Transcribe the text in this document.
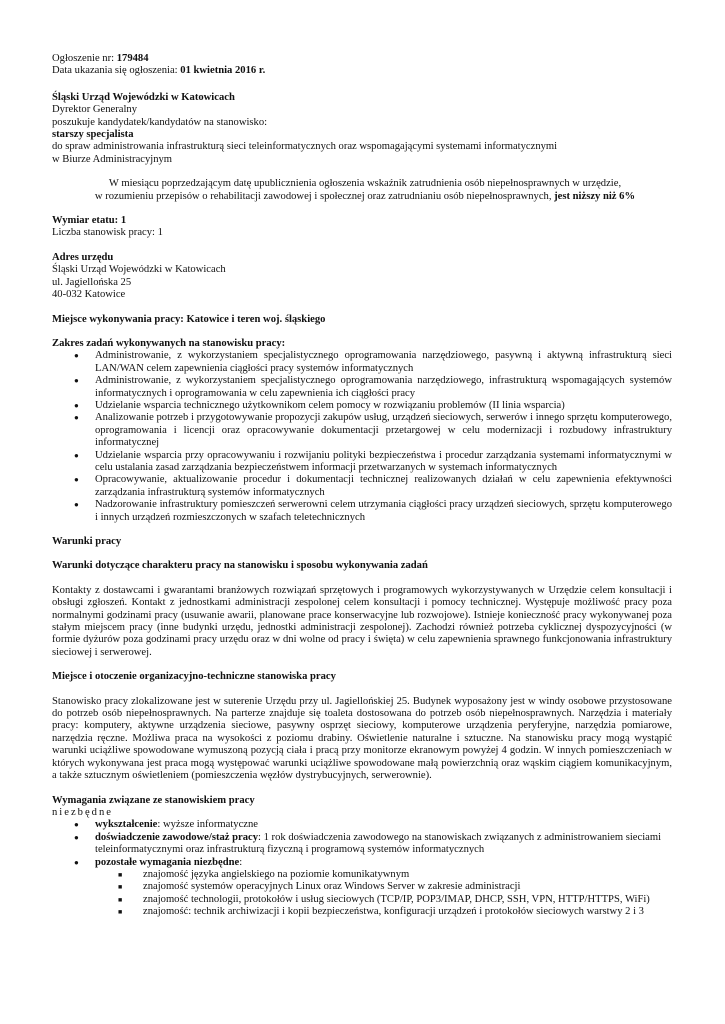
Ogłoszenie nr: 179484

Data ukazania się ogłoszenia: 01 kwietnia 2016 r.

Śląski Urząd Wojewódzki w Katowicach

Dyrektor Generalny

poszukuje kandydatek/kandydatów na stanowisko:

starszy specjalista

do spraw administrowania infrastrukturą sieci teleinformatycznych oraz wspomagającymi systemami informatycznymi

w Biurze Administracyjnym

W miesiącu poprzedzającym datę upublicznienia ogłoszenia wskaźnik zatrudnienia osób niepełnosprawnych w urzędzie,

w rozumieniu przepisów o rehabilitacji zawodowej i społecznej oraz zatrudnianiu osób niepełnosprawnych, jest niższy niż 6%

Wymiar etatu: 1

Liczba stanowisk pracy: 1

Adres urzędu

Śląski Urząd Wojewódzki w Katowicach

ul. Jagiellońska 25

40-032 Katowice

Miejsce wykonywania pracy: Katowice i teren woj. śląskiego

Zakres zadań wykonywanych na stanowisku pracy:

● Administrowanie, z wykorzystaniem specjalistycznego oprogramowania narzędziowego, pasywną i aktywną infrastrukturą sieci LAN/WAN celem zapewnienia ciągłości pracy systemów informatycznych
● Administrowanie, z wykorzystaniem specjalistycznego oprogramowania narzędziowego, infrastrukturą wspomagających systemów informatycznych i oprogramowania w celu zapewnienia ich ciągłości pracy
● Udzielanie wsparcia technicznego użytkownikom celem pomocy w rozwiązaniu problemów (II linia wsparcia)
● Analizowanie potrzeb i przygotowywanie propozycji zakupów usług, urządzeń sieciowych, serwerów i innego sprzętu komputerowego, oprogramowania i licencji oraz opracowywanie dokumentacji przetargowej w celu modernizacji i rozbudowy infrastruktury informatycznej
● Udzielanie wsparcia przy opracowywaniu i rozwijaniu polityki bezpieczeństwa i procedur zarządzania systemami informatycznymi w celu ustalania zasad zarządzania bezpieczeństwem informacji przetwarzanych w systemach informatycznych
● Opracowywanie, aktualizowanie procedur i dokumentacji technicznej realizowanych działań w celu zapewnienia efektywności zarządzania infrastrukturą systemów informatycznych
● Nadzorowanie infrastruktury pomieszczeń serwerowni celem utrzymania ciągłości pracy urządzeń sieciowych, sprzętu komputerowego i innych urządzeń rozmieszczonych w szafach teletechnicznych

Warunki pracy

Warunki dotyczące charakteru pracy na stanowisku i sposobu wykonywania zadań

Kontakty z dostawcami i gwarantami branżowych rozwiązań sprzętowych i programowych wykorzystywanych w Urzędzie celem konsultacji i obsługi zgłoszeń. Kontakt z jednostkami administracji zespolonej celem konsultacji i pomocy technicznej. Występuje możliwość pracy poza normalnymi godzinami pracy (usuwanie awarii, planowane prace konserwacyjne lub rozwojowe). Istnieje konieczność pracy wykonywanej poza stałym miejscem pracy (inne budynki urzędu, jednostki administracji zespolonej). Zachodzi również potrzeba cyklicznej dyspozycyjności (w formie dyżurów poza godzinami pracy urzędu oraz w dni wolne od pracy i święta) w celu zapewnienia sprawnego funkcjonowania infrastruktury sieciowej i serwerowej.

Miejsce i otoczenie organizacyjno-techniczne stanowiska pracy

Stanowisko pracy zlokalizowane jest w suterenie Urzędu przy ul. Jagiellońskiej 25. Budynek wyposażony jest w windy osobowe przystosowane do potrzeb osób niepełnosprawnych. Na parterze znajduje się toaleta dostosowana do potrzeb osób niepełnosprawnych. Narzędzia i materiały pracy: komputery, aktywne urządzenia sieciowe, pasywny osprzęt sieciowy, komputerowe urządzenia peryferyjne, narzędzia pomiarowe, narzędzia ręczne. Możliwa praca na wysokości z poziomu drabiny. Oświetlenie naturalne i sztuczne. Na stanowisku pracy mogą wystąpić warunki uciążliwe spowodowane wymuszoną pozycją ciała i pracą przy monitorze ekranowym powyżej 4 godzin. W innych pomieszczeniach w których wykonywana jest praca mogą występować warunki uciążliwe spowodowane małą powierzchnią oraz wąskim ciągiem komunikacyjnym, a także sztucznym oświetleniem (pomieszczenia węzłów dystrybucyjnych, serwerownie).

Wymagania związane ze stanowiskiem pracy

niezbędne

● wykształcenie: wyższe informatyczne
● doświadczenie zawodowe/staż pracy: 1 rok doświadczenia zawodowego na stanowiskach związanych z administrowaniem sieciami teleinformatycznymi oraz infrastrukturą fizyczną i programową systemów informatycznych
● pozostałe wymagania niezbędne:
■ znajomość języka angielskiego na poziomie komunikatywnym
■ znajomość systemów operacyjnych Linux oraz Windows Server w zakresie administracji
■ znajomość technologii, protokołów i usług sieciowych (TCP/IP, POP3/IMAP, DHCP, SSH, VPN, HTTP/HTTPS, WiFi)
■ znajomość: technik archiwizacji i kopii bezpieczeństwa, konfiguracji urządzeń i protokołów sieciowych warstwy 2 i 3
